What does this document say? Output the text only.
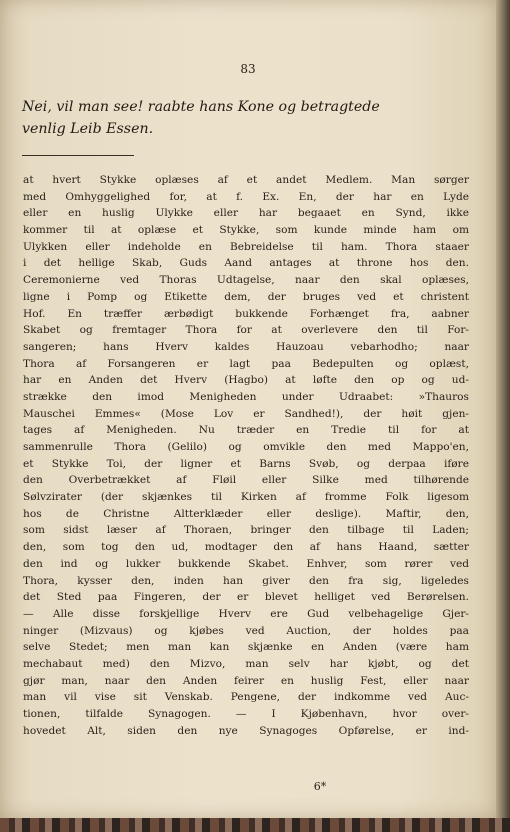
83
Nei, vil man see! raabte hans Kone og betragtede
venlig Leib Essen.
at hvert Stykke oplæses af et andet Medlem. Man sørger
med Omhyggelighed for, at f. Ex. En, der har en Lyde
eller en huslig Ulykke eller har begaaet en Synd, ikke
kommer til at oplæse et Stykke, som kunde minde ham om
Ulykken eller indeholde en Bebreidelse til ham. Thora staaer
i det hellige Skab, Guds Aand antages at throne hos den.
Ceremonierne ved Thoras Udtagelse, naar den skal oplæses,
ligne i Pomp og Etikette dem, der bruges ved et christent
Hof. En træffer ærbødigt bukkende Forhænget fra, aabner
Skabet og fremtager Thora for at overlevere den til For-
sangeren; hans Hverv kaldes Hauzoau vebarhodho; naar
Thora af Forsangeren er lagt paa Bedepulten og oplæst,
har en Anden det Hverv (Hagbo) at løfte den op og ud-
strække den imod Menigheden under Udraabet: »Thauros
Mauschei Emmes« (Mose Lov er Sandhed!), der høit gjen-
tages af Menigheden. Nu træder en Tredie til for at
sammenrulle Thora (Gelilo) og omvikle den med Mappo'en,
et Stykke Toi, der ligner et Barns Svøb, og derpaa iføre
den Overbetrækket af Fløil eller Silke med tilhørende
Sølvzirater (der skjænkes til Kirken af fromme Folk ligesom
hos de Christne Altterklæder eller deslige). Maftir, den,
som sidst læser af Thoraen, bringer den tilbage til Laden;
den, som tog den ud, modtager den af hans Haand, sætter
den ind og lukker bukkende Skabet. Enhver, som rører ved
Thora, kysser den, inden han giver den fra sig, ligeledes
det Sted paa Fingeren, der er blevet helliget ved Berørelsen.
— Alle disse forskjellige Hverv ere Gud velbehagelige Gjer-
ninger (Mizvaus) og kjøbes ved Auction, der holdes paa
selve Stedet; men man kan skjænke en Anden (være ham
mechabaut med) den Mizvo, man selv har kjøbt, og det
gjør man, naar den Anden feirer en huslig Fest, eller naar
man vil vise sit Venskab. Pengene, der indkomme ved Auc-
tionen, tilfalde Synagogen. — I Kjøbenhavn, hvor over-
hovedet Alt, siden den nye Synagoges Opførelse, er ind-
6*
